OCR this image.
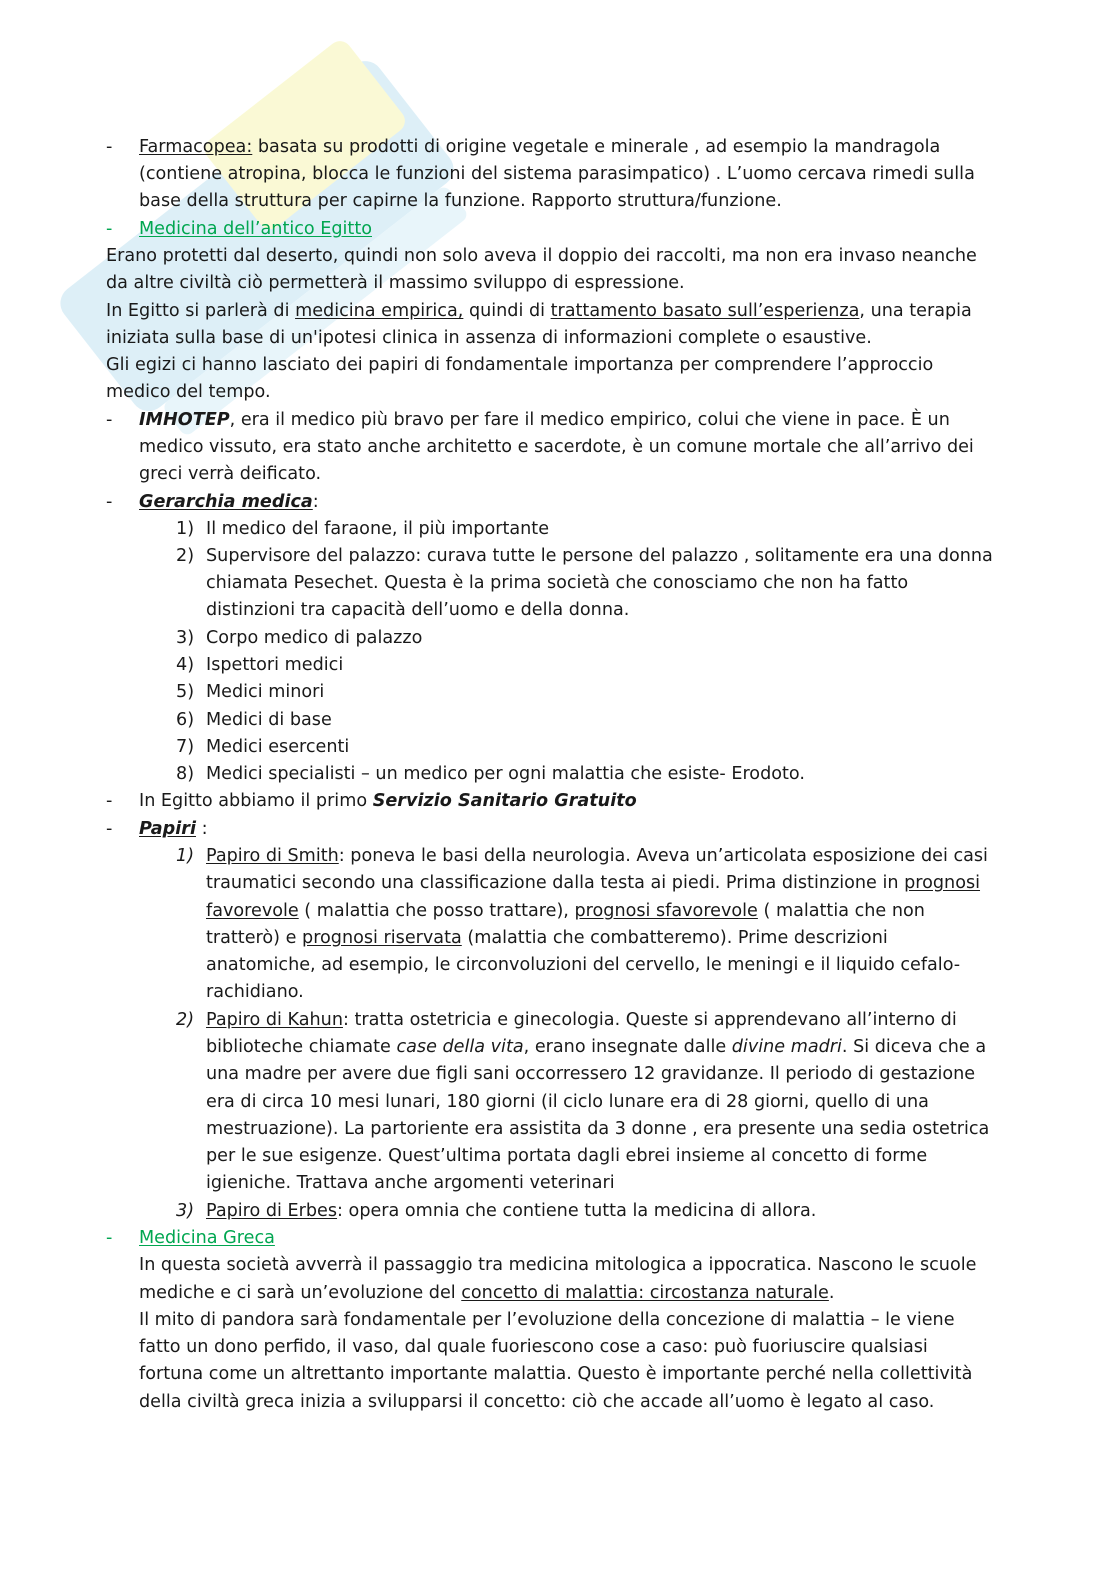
- Farmacopea: basata su prodotti di origine vegetale e minerale , ad esempio la mandragola
(contiene atropina, blocca le funzioni del sistema parasimpatico) . L’uomo cercava rimedi sulla
base della struttura per capirne la funzione. Rapporto struttura/funzione.
- Medicina dell’antico Egitto
Erano protetti dal deserto, quindi non solo aveva il doppio dei raccolti, ma non era invaso neanche
da altre civiltà ciò permetterà il massimo sviluppo di espressione.
In Egitto si parlerà di medicina empirica, quindi di trattamento basato sull’esperienza, una terapia
iniziata sulla base di un'ipotesi clinica in assenza di informazioni complete o esaustive.
Gli egizi ci hanno lasciato dei papiri di fondamentale importanza per comprendere l’approccio
medico del tempo.
- IMHOTEP, era il medico più bravo per fare il medico empirico, colui che viene in pace. È un
medico vissuto, era stato anche architetto e sacerdote, è un comune mortale che all’arrivo dei
greci verrà deificato.
- Gerarchia medica:
1) Il medico del faraone, il più importante
2) Supervisore del palazzo: curava tutte le persone del palazzo , solitamente era una donna
chiamata Pesechet. Questa è la prima società che conosciamo che non ha fatto
distinzioni tra capacità dell’uomo e della donna.
3) Corpo medico di palazzo
4) Ispettori medici
5) Medici minori
6) Medici di base
7) Medici esercenti
8) Medici specialisti – un medico per ogni malattia che esiste- Erodoto.
- In Egitto abbiamo il primo Servizio Sanitario Gratuito
- Papiri :
1) Papiro di Smith: poneva le basi della neurologia. Aveva un’articolata esposizione dei casi
traumatici secondo una classificazione dalla testa ai piedi. Prima distinzione in prognosi
favorevole ( malattia che posso trattare), prognosi sfavorevole ( malattia che non
tratterò) e prognosi riservata (malattia che combatteremo). Prime descrizioni
anatomiche, ad esempio, le circonvoluzioni del cervello, le meningi e il liquido cefalo-
rachidiano.
2) Papiro di Kahun: tratta ostetricia e ginecologia. Queste si apprendevano all’interno di
biblioteche chiamate case della vita, erano insegnate dalle divine madri. Si diceva che a
una madre per avere due figli sani occorressero 12 gravidanze. Il periodo di gestazione
era di circa 10 mesi lunari, 180 giorni (il ciclo lunare era di 28 giorni, quello di una
mestruazione). La partoriente era assistita da 3 donne , era presente una sedia ostetrica
per le sue esigenze. Quest’ultima portata dagli ebrei insieme al concetto di forme
igieniche. Trattava anche argomenti veterinari
3) Papiro di Erbes: opera omnia che contiene tutta la medicina di allora.
- Medicina Greca
In questa società avverrà il passaggio tra medicina mitologica a ippocratica. Nascono le scuole
mediche e ci sarà un’evoluzione del concetto di malattia: circostanza naturale.
Il mito di pandora sarà fondamentale per l’evoluzione della concezione di malattia – le viene
fatto un dono perfido, il vaso, dal quale fuoriescono cose a caso: può fuoriuscire qualsiasi
fortuna come un altrettanto importante malattia. Questo è importante perché nella collettività
della civiltà greca inizia a svilupparsi il concetto: ciò che accade all’uomo è legato al caso.
